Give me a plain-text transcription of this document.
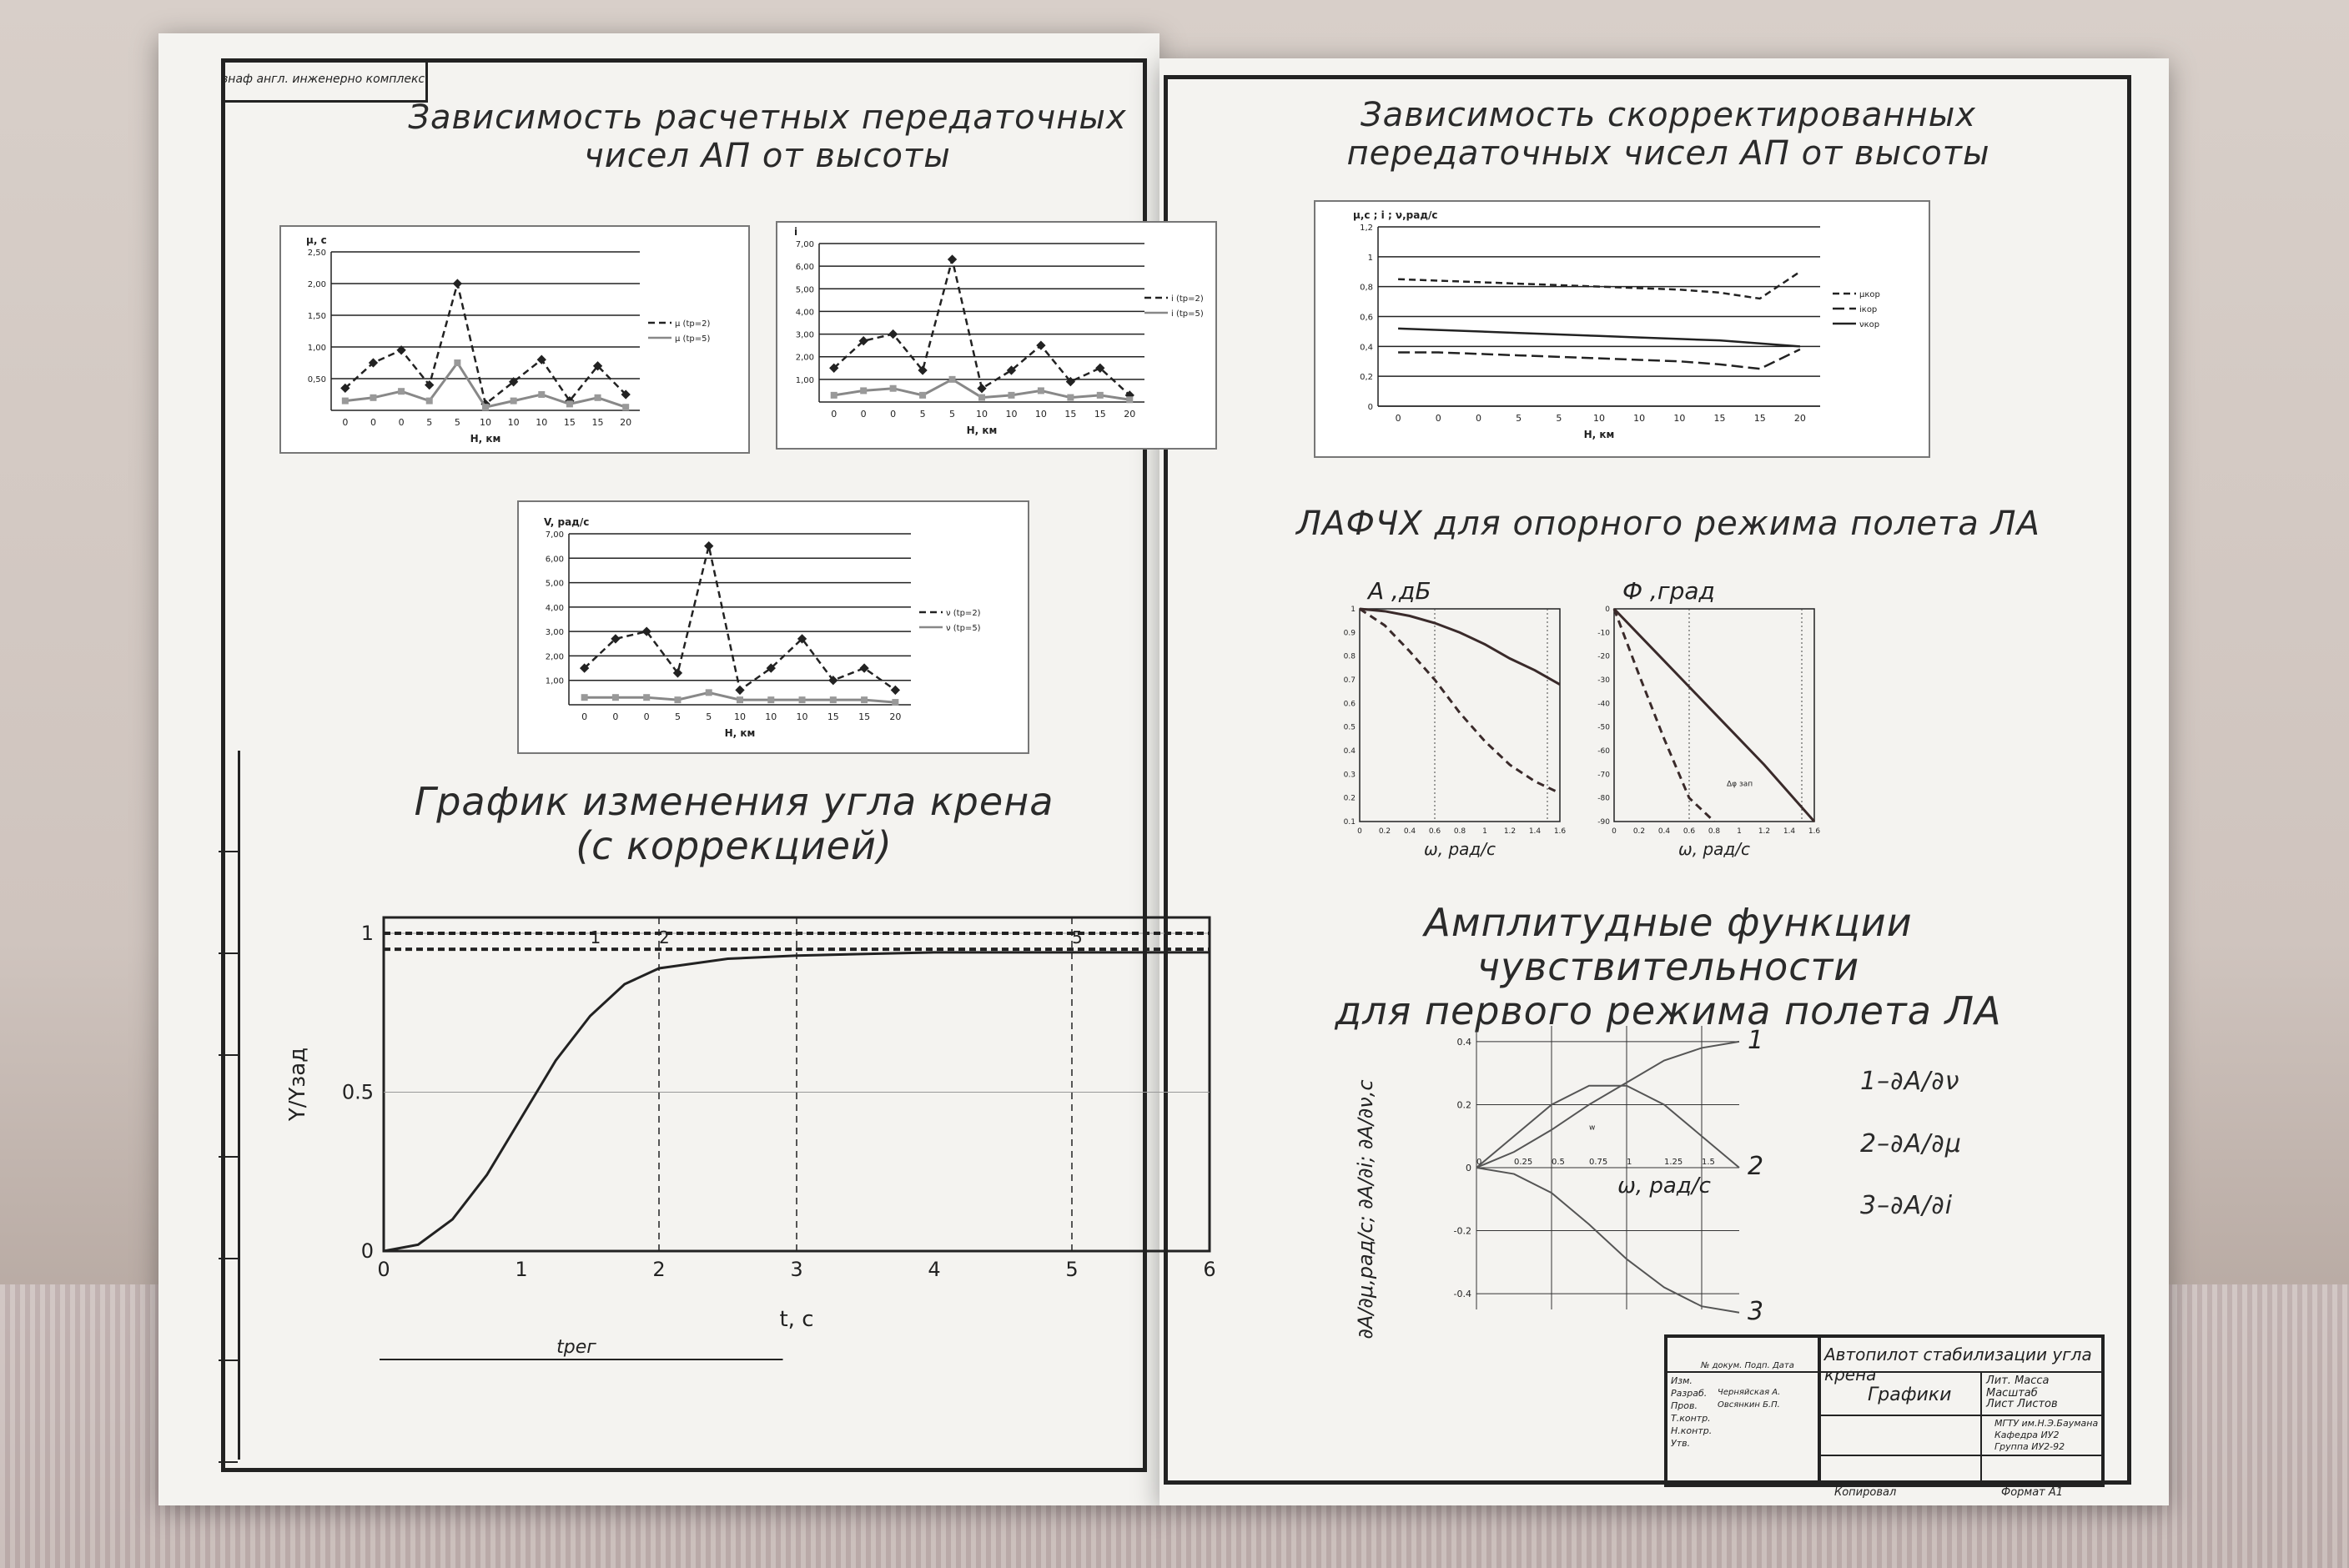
знаф англ. инженерно комплекс
Зависимость расчетных передаточных
чисел АП от высоты
Зависимость скорректированных
передаточных чисел АП от высоты
ЛАФЧХ для опорного режима полета ЛА
График изменения угла крена
(с коррекцией)
Амплитудные функции чувствительности
для первого режима полета ЛА
μ, с
0,50
1,00
1,50
2,00
2,50
0 0 0 5 5 10 10 10 15 15 20
Н, км
μ (tp=2)
μ (tp=5)
i
1,00
2,00
3,00
4,00
5,00
6,00
7,00
0	0	0	5	5 10 10 10 15 15 20
Н, км
i (tp=2)
i (tp=5)
V, рад/с
1,00
2,00
3,00
4,00
5,00
6,00
7,00
0	0	0	5	5 10 10 10 15 15 20
Н, км
ν (tp=2)
ν (tp=5)
μ,с ; i ; ν,рад/с
0
0,2
0,4
0,6
0,8
1
1,2
0	0	0	5	5	10	10	10	15	15	20
Н, км
μкор
iкор
νкор
А ,дБ
0 0.2 0.4 0.6 0.8 1 1.2 1.4 1.6
0.1
0.2
0.3
0.4
0.5
0.6
0.7
0.8
0.9
1
ω, рад/с
Ф ,град
0 0.2 0.4 0.6 0.8 1 1.2 1.4 1.6
0
-10
-20
-30
-40
-50
-60
-70
-80
-90
Δφ зап
ω, рад/с
0	0.25 0.5	0.75 1	1.25 1.5
0.4
0.2
0
-0.2
-0.4
w
1
2
3
ω, рад/с
∂A/∂μ,рад/с; ∂A/∂i; ∂A/∂ν,с	1–∂A/∂ν
2–∂A/∂μ
3–∂A/∂i
0	1	2	3	4	5	6
0
0.5
1	1	2	5
Y/Yзад
t, c
tрег	Автопилот стабилизации угла крена
Графики
Лит. Масса Масштаб
Лист Листов
МГТУ им.Н.Э.Баумана
Кафедра ИУ2
Группа ИУ2-92
Изм.
Разраб.
Пров.
Т.контр.
Н.контр.
Утв.
№ докум. Подп. Дата
Черняйская А.
Овсянкин Б.П.
Копировал	Формат А1
